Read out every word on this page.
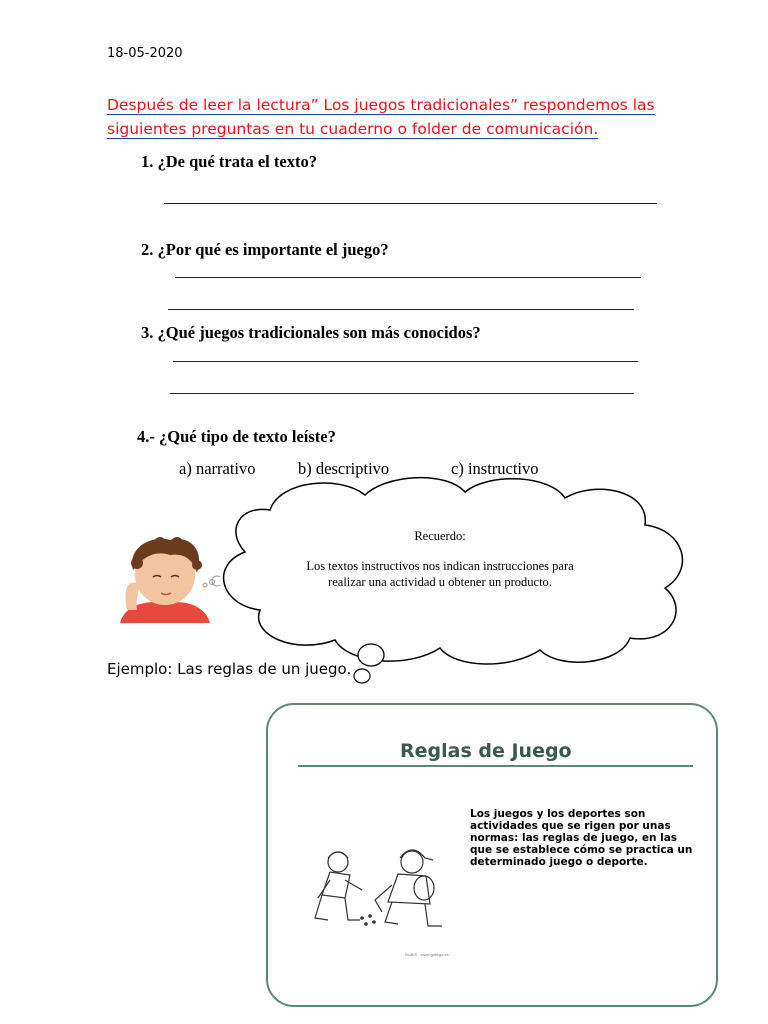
18-05-2020
Después de leer la lectura” Los juegos tradicionales” respondemos las
siguientes preguntas en tu cuaderno o folder de comunicación.
1. ¿De qué trata el texto?
2. ¿Por qué es importante el juego?
3. ¿Qué juegos tradicionales son más conocidos?
4.- ¿Qué tipo de texto leíste?
a) narrativo	b) descriptivo	c) instructivo
Recuerdo:
Los textos instructivos nos indican instrucciones para realizar una actividad u obtener un producto.
Ejemplo: Las reglas de un juego.
Reglas de Juego
Los juegos y los deportes son actividades que se rigen por unas normas: las reglas de juego, en las que se establece cómo se practica un determinado juego o deporte.
NUBIS - www.gallego.es
